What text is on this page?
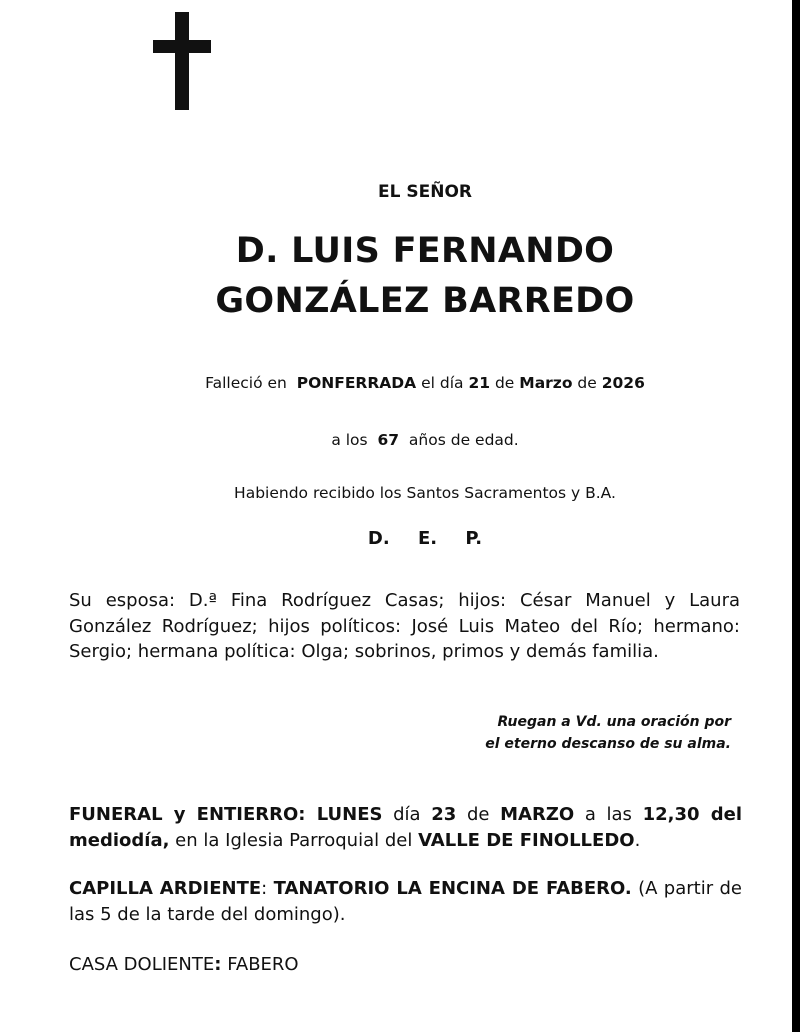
EL SEÑOR
D. LUIS FERNANDO
GONZÁLEZ BARREDO
Falleció en PONFERRADA el día 21 de Marzo de 2026
a los 67 años de edad.
Habiendo recibido los Santos Sacramentos y B.A.
D. E. P.
Su esposa: D.ª Fina Rodríguez Casas; hijos: César Manuel y Laura González Rodríguez; hijos políticos: José Luis Mateo del Río; hermano: Sergio; hermana política: Olga; sobrinos, primos y demás familia.
Ruegan a Vd. una oración por
el eterno descanso de su alma.
FUNERAL y ENTIERRO: LUNES día 23 de MARZO a las 12,30 del mediodía, en la Iglesia Parroquial del VALLE DE FINOLLEDO.
CAPILLA ARDIENTE: TANATORIO LA ENCINA DE FABERO. (A partir de las 5 de la tarde del domingo).
CASA DOLIENTE: FABERO
